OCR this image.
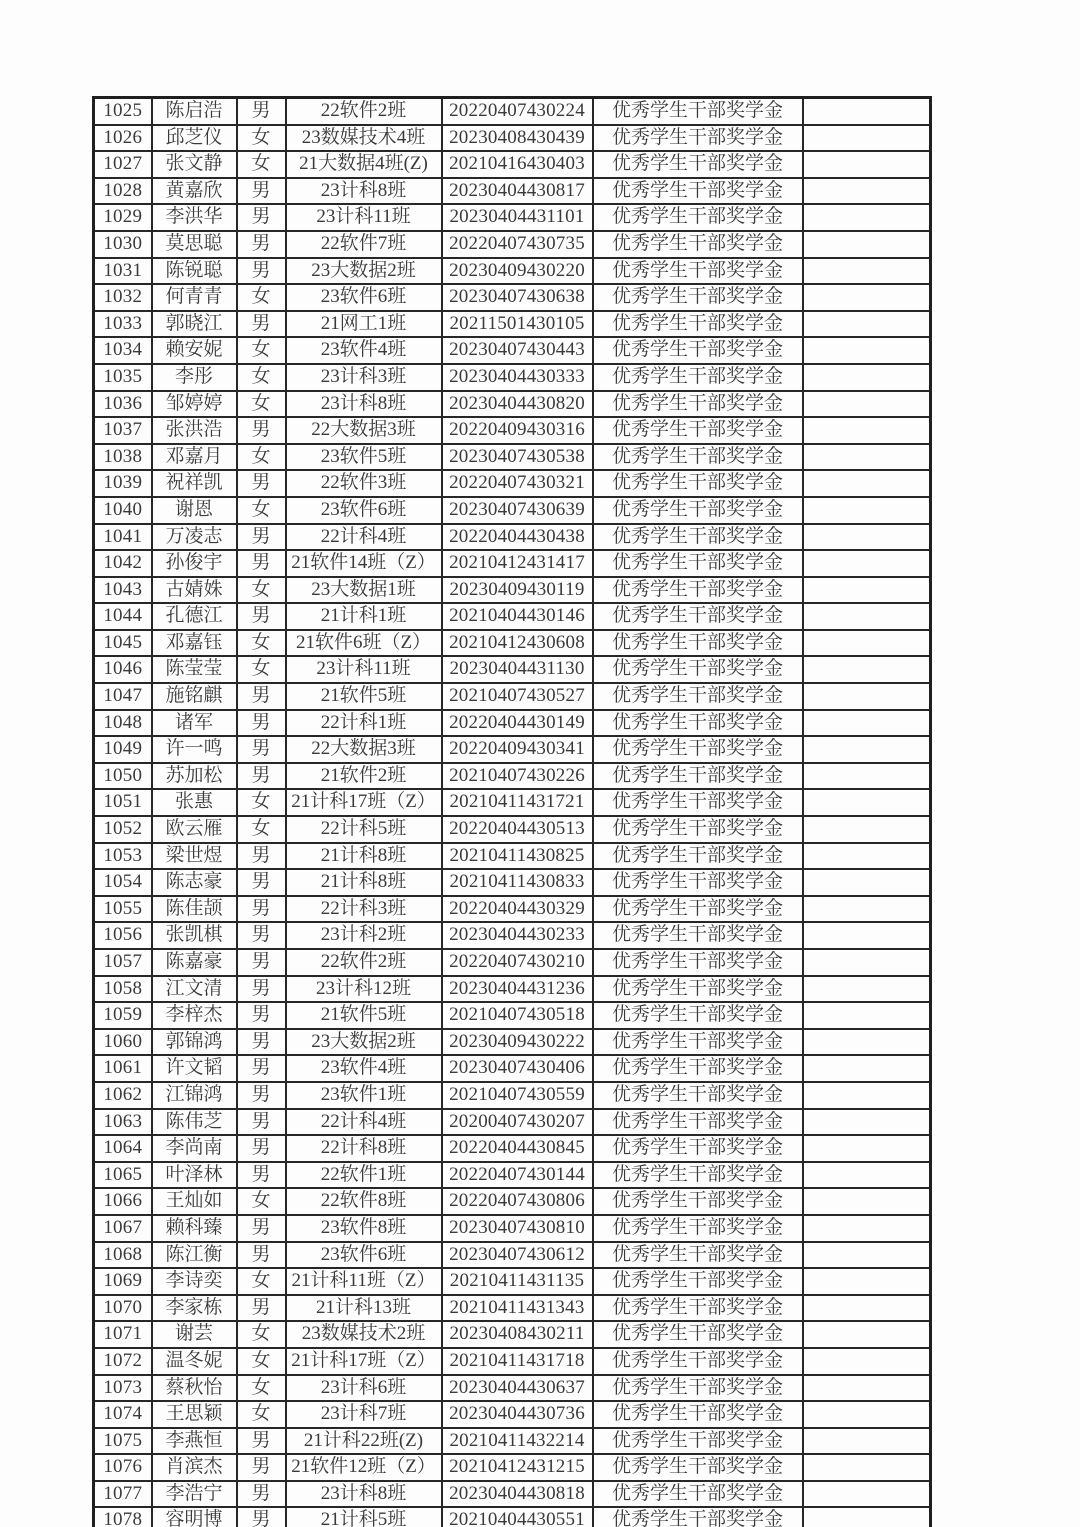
1025	陈启浩	男	22软件2班	20220407430224	优秀学生干部奖学金	
1026	邱芝仪	女	23数媒技术4班	20230408430439	优秀学生干部奖学金	
1027	张文静	女	21大数据4班(Z)	20210416430403	优秀学生干部奖学金	
1028	黄嘉欣	男	23计科8班	20230404430817	优秀学生干部奖学金	
1029	李洪华	男	23计科11班	20230404431101	优秀学生干部奖学金	
1030	莫思聪	男	22软件7班	20220407430735	优秀学生干部奖学金	
1031	陈锐聪	男	23大数据2班	20230409430220	优秀学生干部奖学金	
1032	何青青	女	23软件6班	20230407430638	优秀学生干部奖学金	
1033	郭晓江	男	21网工1班	20211501430105	优秀学生干部奖学金	
1034	赖安妮	女	23软件4班	20230407430443	优秀学生干部奖学金	
1035	李彤	女	23计科3班	20230404430333	优秀学生干部奖学金	
1036	邹婷婷	女	23计科8班	20230404430820	优秀学生干部奖学金	
1037	张洪浩	男	22大数据3班	20220409430316	优秀学生干部奖学金	
1038	邓嘉月	女	23软件5班	20230407430538	优秀学生干部奖学金	
1039	祝祥凯	男	22软件3班	20220407430321	优秀学生干部奖学金	
1040	谢恩	女	23软件6班	20230407430639	优秀学生干部奖学金	
1041	万凌志	男	22计科4班	20220404430438	优秀学生干部奖学金	
1042	孙俊宇	男	21软件14班（Z）	20210412431417	优秀学生干部奖学金	
1043	古婧姝	女	23大数据1班	20230409430119	优秀学生干部奖学金	
1044	孔德江	男	21计科1班	20210404430146	优秀学生干部奖学金	
1045	邓嘉钰	女	21软件6班（Z）	20210412430608	优秀学生干部奖学金	
1046	陈莹莹	女	23计科11班	20230404431130	优秀学生干部奖学金	
1047	施铭麒	男	21软件5班	20210407430527	优秀学生干部奖学金	
1048	诸军	男	22计科1班	20220404430149	优秀学生干部奖学金	
1049	许一鸣	男	22大数据3班	20220409430341	优秀学生干部奖学金	
1050	苏加松	男	21软件2班	20210407430226	优秀学生干部奖学金	
1051	张惠	女	21计科17班（Z）	20210411431721	优秀学生干部奖学金	
1052	欧云雁	女	22计科5班	20220404430513	优秀学生干部奖学金	
1053	梁世煜	男	21计科8班	20210411430825	优秀学生干部奖学金	
1054	陈志豪	男	21计科8班	20210411430833	优秀学生干部奖学金	
1055	陈佳颉	男	22计科3班	20220404430329	优秀学生干部奖学金	
1056	张凯棋	男	23计科2班	20230404430233	优秀学生干部奖学金	
1057	陈嘉豪	男	22软件2班	20220407430210	优秀学生干部奖学金	
1058	江文清	男	23计科12班	20230404431236	优秀学生干部奖学金	
1059	李梓杰	男	21软件5班	20210407430518	优秀学生干部奖学金	
1060	郭锦鸿	男	23大数据2班	20230409430222	优秀学生干部奖学金	
1061	许文韬	男	23软件4班	20230407430406	优秀学生干部奖学金	
1062	江锦鸿	男	23软件1班	20210407430559	优秀学生干部奖学金	
1063	陈伟芝	男	22计科4班	20200407430207	优秀学生干部奖学金	
1064	李尚南	男	22计科8班	20220404430845	优秀学生干部奖学金	
1065	叶泽林	男	22软件1班	20220407430144	优秀学生干部奖学金	
1066	王灿如	女	22软件8班	20220407430806	优秀学生干部奖学金	
1067	赖科臻	男	23软件8班	20230407430810	优秀学生干部奖学金	
1068	陈江衡	男	23软件6班	20230407430612	优秀学生干部奖学金	
1069	李诗奕	女	21计科11班（Z）	20210411431135	优秀学生干部奖学金	
1070	李家栋	男	21计科13班	20210411431343	优秀学生干部奖学金	
1071	谢芸	女	23数媒技术2班	20230408430211	优秀学生干部奖学金	
1072	温冬妮	女	21计科17班（Z）	20210411431718	优秀学生干部奖学金	
1073	蔡秋怡	女	23计科6班	20230404430637	优秀学生干部奖学金	
1074	王思颖	女	23计科7班	20230404430736	优秀学生干部奖学金	
1075	李燕恒	男	21计科22班(Z)	20210411432214	优秀学生干部奖学金	
1076	肖滨杰	男	21软件12班（Z）	20210412431215	优秀学生干部奖学金	
1077	李浩宁	男	23计科8班	20230404430818	优秀学生干部奖学金	
1078	容明博	男	21计科5班	20210404430551	优秀学生干部奖学金	
